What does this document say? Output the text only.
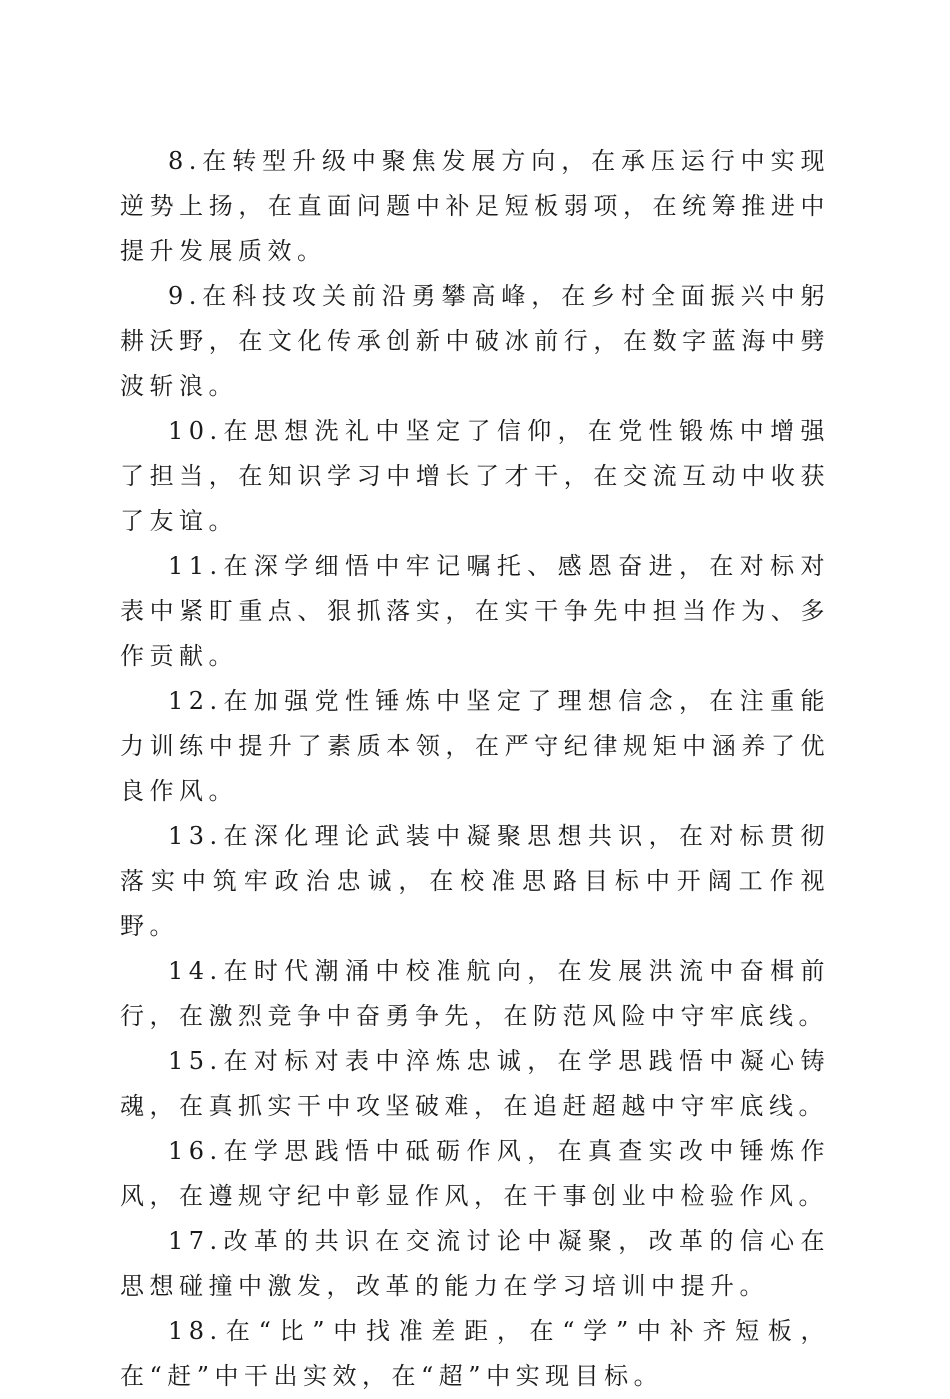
8.在转型升级中聚焦发展方向，在承压运行中实现逆势上扬，在直面问题中补足短板弱项，在统筹推进中提升发展质效。

9.在科技攻关前沿勇攀高峰，在乡村全面振兴中躬耕沃野，在文化传承创新中破冰前行，在数字蓝海中劈波斩浪。

10.在思想洗礼中坚定了信仰，在党性锻炼中增强了担当，在知识学习中增长了才干，在交流互动中收获了友谊。

11.在深学细悟中牢记嘱托、感恩奋进，在对标对表中紧盯重点、狠抓落实，在实干争先中担当作为、多作贡献。

12.在加强党性锤炼中坚定了理想信念，在注重能力训练中提升了素质本领，在严守纪律规矩中涵养了优良作风。

13.在深化理论武装中凝聚思想共识，在对标贯彻落实中筑牢政治忠诚，在校准思路目标中开阔工作视野。

14.在时代潮涌中校准航向，在发展洪流中奋楫前行，在激烈竞争中奋勇争先，在防范风险中守牢底线。

15.在对标对表中淬炼忠诚，在学思践悟中凝心铸魂，在真抓实干中攻坚破难，在追赶超越中守牢底线。

16.在学思践悟中砥砺作风，在真查实改中锤炼作风，在遵规守纪中彰显作风，在干事创业中检验作风。

17.改革的共识在交流讨论中凝聚，改革的信心在思想碰撞中激发，改革的能力在学习培训中提升。

18.在“比”中找准差距，在“学”中补齐短板，在“赶”中干出实效，在“超”中实现目标。
